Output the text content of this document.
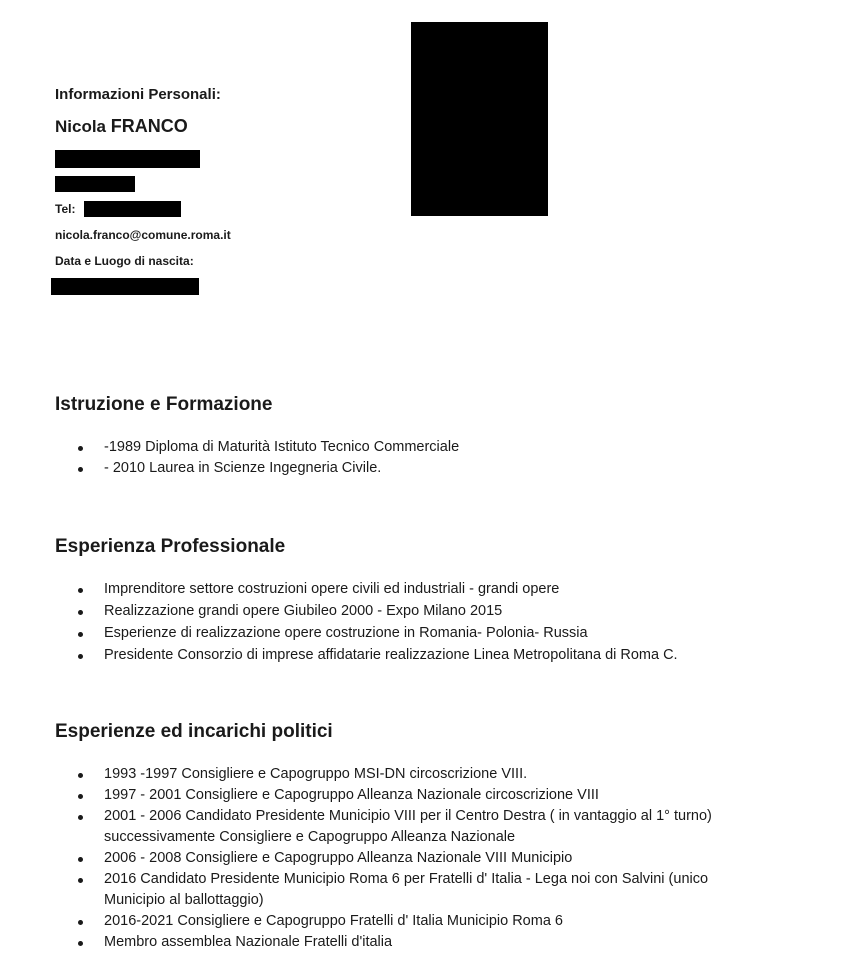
Informazioni Personali:
Nicola FRANCO
Tel:
nicola.franco@comune.roma.it
Data e Luogo di nascita:
Istruzione e Formazione
-1989 Diploma di Maturità Istituto Tecnico Commerciale
- 2010 Laurea in Scienze Ingegneria Civile.
Esperienza Professionale
Imprenditore settore costruzioni opere civili ed industriali - grandi opere
Realizzazione grandi opere Giubileo 2000 - Expo Milano 2015
Esperienze di realizzazione opere costruzione in Romania- Polonia- Russia
Presidente Consorzio di imprese affidatarie realizzazione Linea Metropolitana di Roma C.
Esperienze ed incarichi politici
1993 -1997 Consigliere e Capogruppo MSI-DN circoscrizione VIII.
1997 - 2001 Consigliere e Capogruppo Alleanza Nazionale circoscrizione VIII
2001 - 2006 Candidato Presidente Municipio VIII per il Centro Destra ( in vantaggio al 1° turno) successivamente Consigliere e Capogruppo Alleanza Nazionale
2006 - 2008 Consigliere e Capogruppo Alleanza Nazionale VIII Municipio
2016 Candidato Presidente Municipio Roma 6 per Fratelli d' Italia - Lega noi con Salvini (unico Municipio al ballottaggio)
2016-2021 Consigliere e Capogruppo Fratelli d' Italia Municipio Roma 6
Membro assemblea Nazionale Fratelli d'italia
